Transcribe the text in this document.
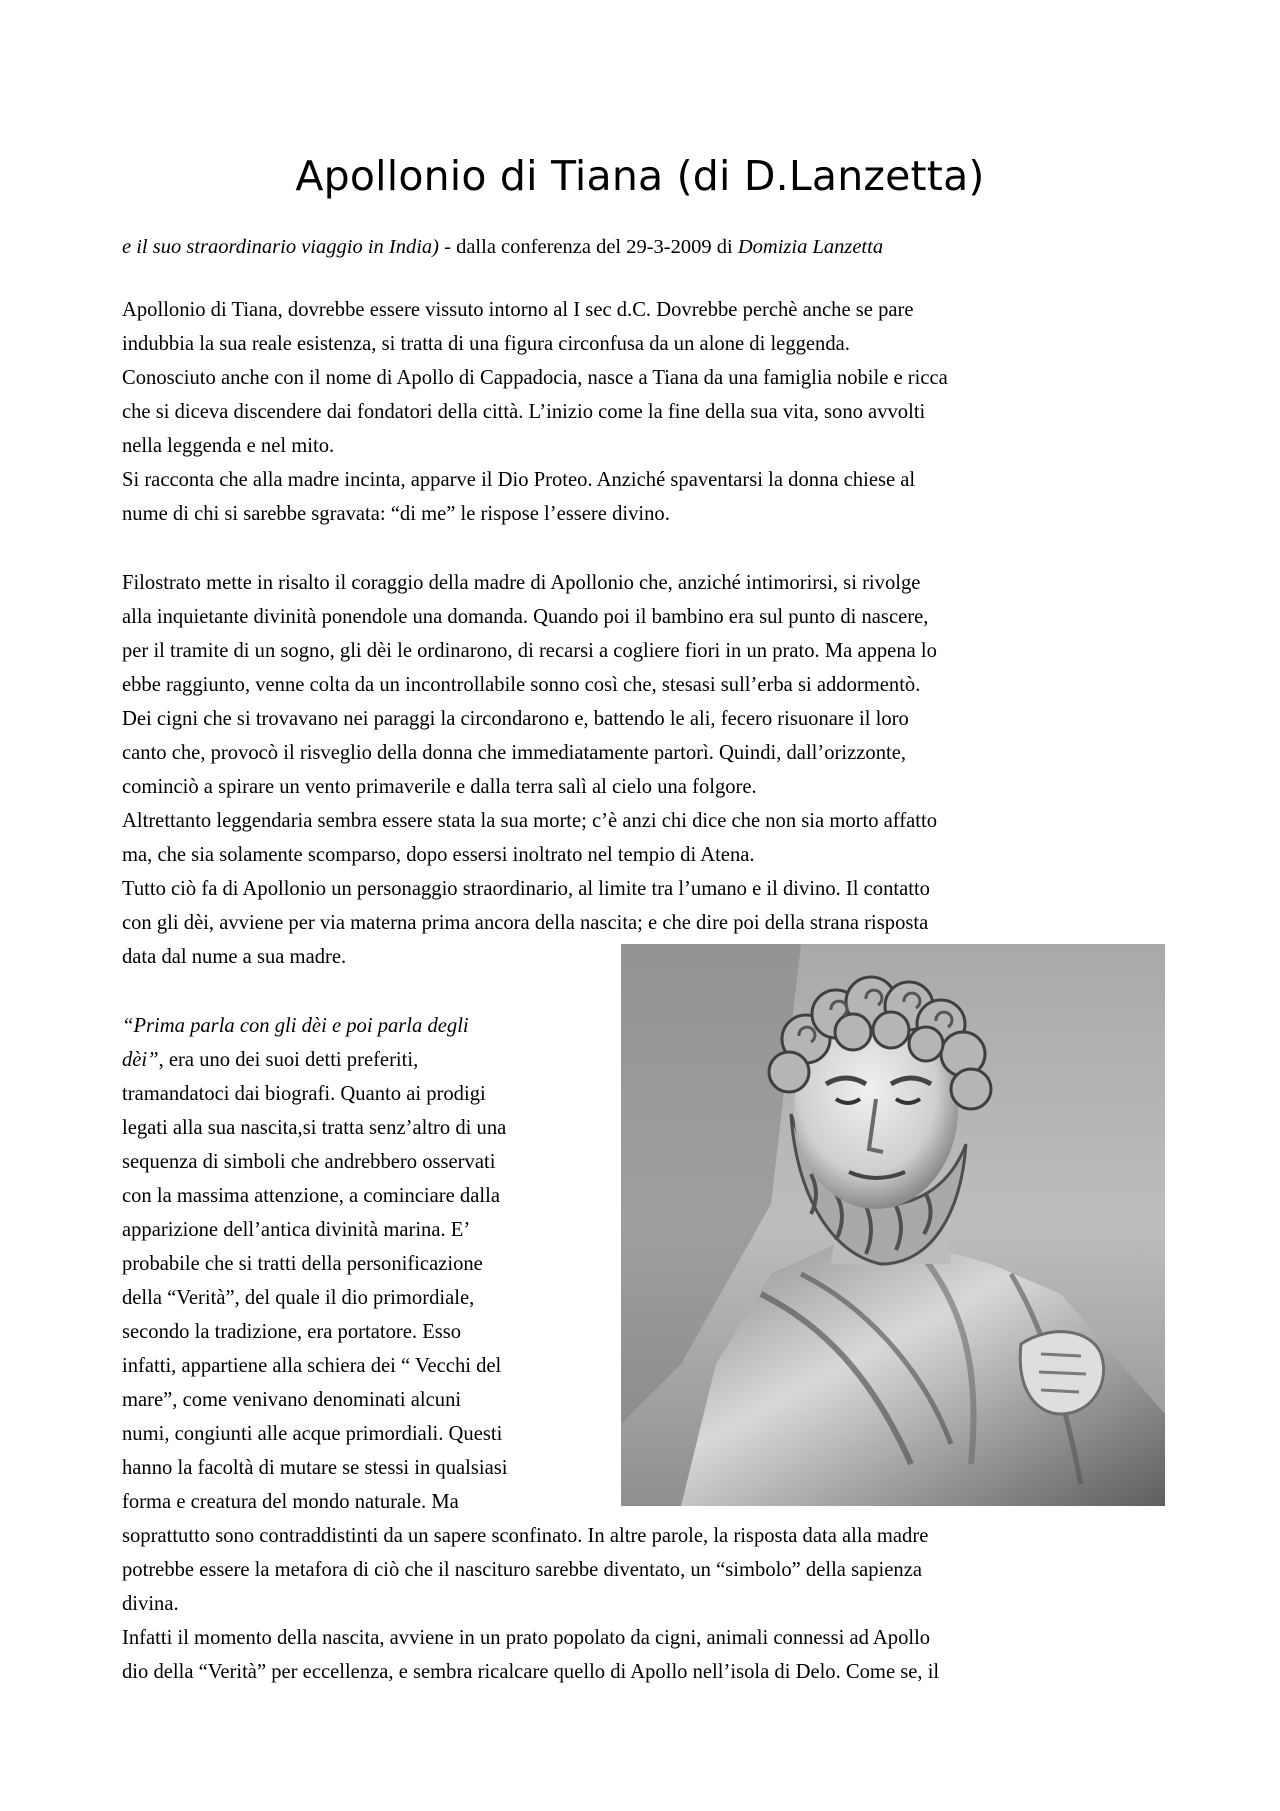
Apollonio di Tiana (di D.Lanzetta)
e il suo straordinario viaggio in India) - dalla conferenza del 29-3-2009 di Domizia Lanzetta
Apollonio di Tiana, dovrebbe essere vissuto intorno al I sec d.C. Dovrebbe perchè anche se pare
indubbia la sua reale esistenza, si tratta di una figura circonfusa da un alone di leggenda.
Conosciuto anche con il nome di Apollo di Cappadocia, nasce a Tiana da una famiglia nobile e ricca
che si diceva discendere dai fondatori della città. L’inizio come la fine della sua vita, sono avvolti
nella leggenda e nel mito.
Si racconta che alla madre incinta, apparve il Dio Proteo. Anziché spaventarsi la donna chiese al
nume di chi si sarebbe sgravata: “di me” le rispose l’essere divino.
Filostrato mette in risalto il coraggio della madre di Apollonio che, anziché intimorirsi, si rivolge
alla inquietante divinità ponendole una domanda. Quando poi il bambino era sul punto di nascere,
per il tramite di un sogno, gli dèi le ordinarono, di recarsi a cogliere fiori in un prato. Ma appena lo
ebbe raggiunto, venne colta da un incontrollabile sonno così che, stesasi sull’erba si addormentò.
Dei cigni che si trovavano nei paraggi la circondarono e, battendo le ali, fecero risuonare il loro
canto che, provocò il risveglio della donna che immediatamente partorì. Quindi, dall’orizzonte,
cominciò a spirare un vento primaverile e dalla terra salì al cielo una folgore.
Altrettanto leggendaria sembra essere stata la sua morte; c’è anzi chi dice che non sia morto affatto
ma, che sia solamente scomparso, dopo essersi inoltrato nel tempio di Atena.
Tutto ciò fa di Apollonio un personaggio straordinario, al limite tra l’umano e il divino. Il contatto
con gli dèi, avviene per via materna prima ancora della nascita; e che dire poi della strana risposta
data dal nume a sua madre.
“Prima parla con gli dèi e poi parla degli
dèi”, era uno dei suoi detti preferiti,
tramandatoci dai biografi. Quanto ai prodigi
legati alla sua nascita,si tratta senz’altro di una
sequenza di simboli che andrebbero osservati
con la massima attenzione, a cominciare dalla
apparizione dell’antica divinità marina. E’
probabile che si tratti della personificazione
della “Verità”, del quale il dio primordiale,
secondo la tradizione, era portatore. Esso
infatti, appartiene alla schiera dei “ Vecchi del
mare”, come venivano denominati alcuni
numi, congiunti alle acque primordiali. Questi
hanno la facoltà di mutare se stessi in qualsiasi
forma e creatura del mondo naturale. Ma
soprattutto sono contraddistinti da un sapere sconfinato. In altre parole, la risposta data alla madre
potrebbe essere la metafora di ciò che il nascituro sarebbe diventato, un “simbolo” della sapienza
divina.
Infatti il momento della nascita, avviene in un prato popolato da cigni, animali connessi ad Apollo
dio della “Verità” per eccellenza, e sembra ricalcare quello di Apollo nell’isola di Delo. Come se, il
